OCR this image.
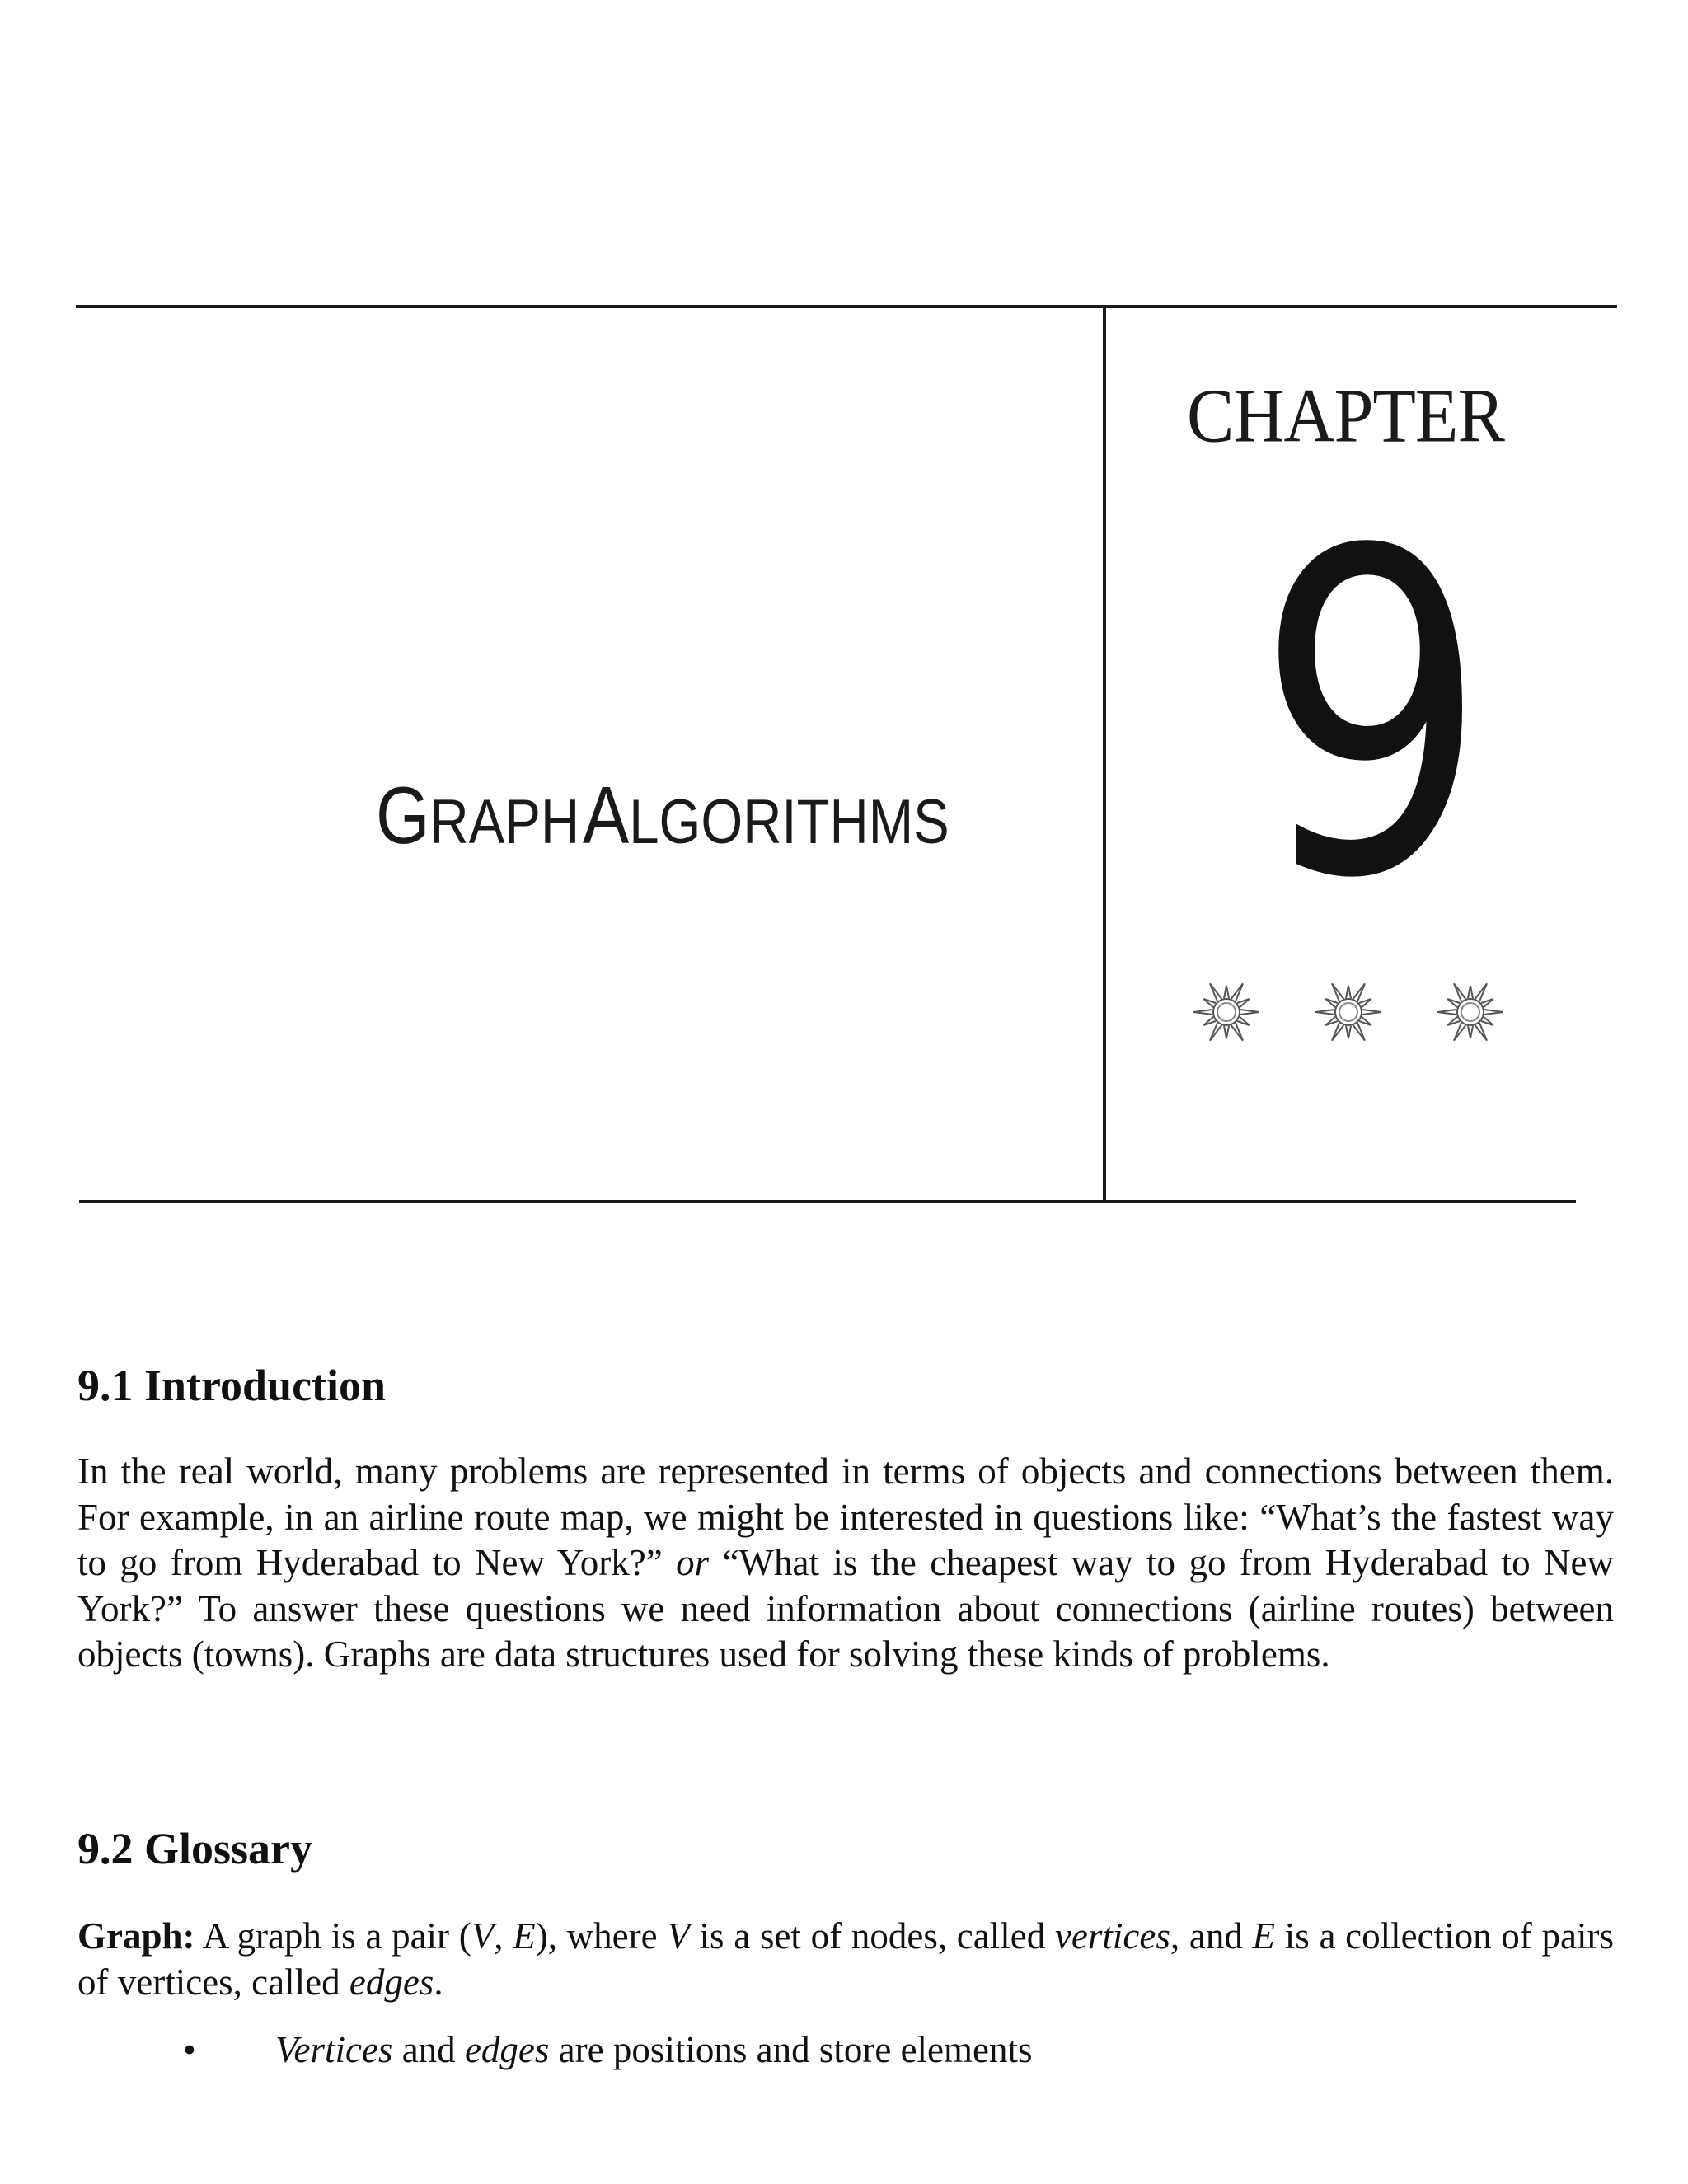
CHAPTER
9
GRAPH ALGORITHMS
9.1 Introduction

In the real world, many problems are represented in terms of objects and connections between them. For example, in an airline route map, we might be interested in questions like: “What’s the fastest way to go from Hyderabad to New York?” or “What is the cheapest way to go from Hyderabad to New York?” To answer these questions we need information about connections (airline routes) between objects (towns). Graphs are data structures used for solving these kinds of problems.

9.2 Glossary

Graph: A graph is a pair (V, E), where V is a set of nodes, called vertices, and E is a collection of pairs of vertices, called edges.

• Vertices and edges are positions and store elements
